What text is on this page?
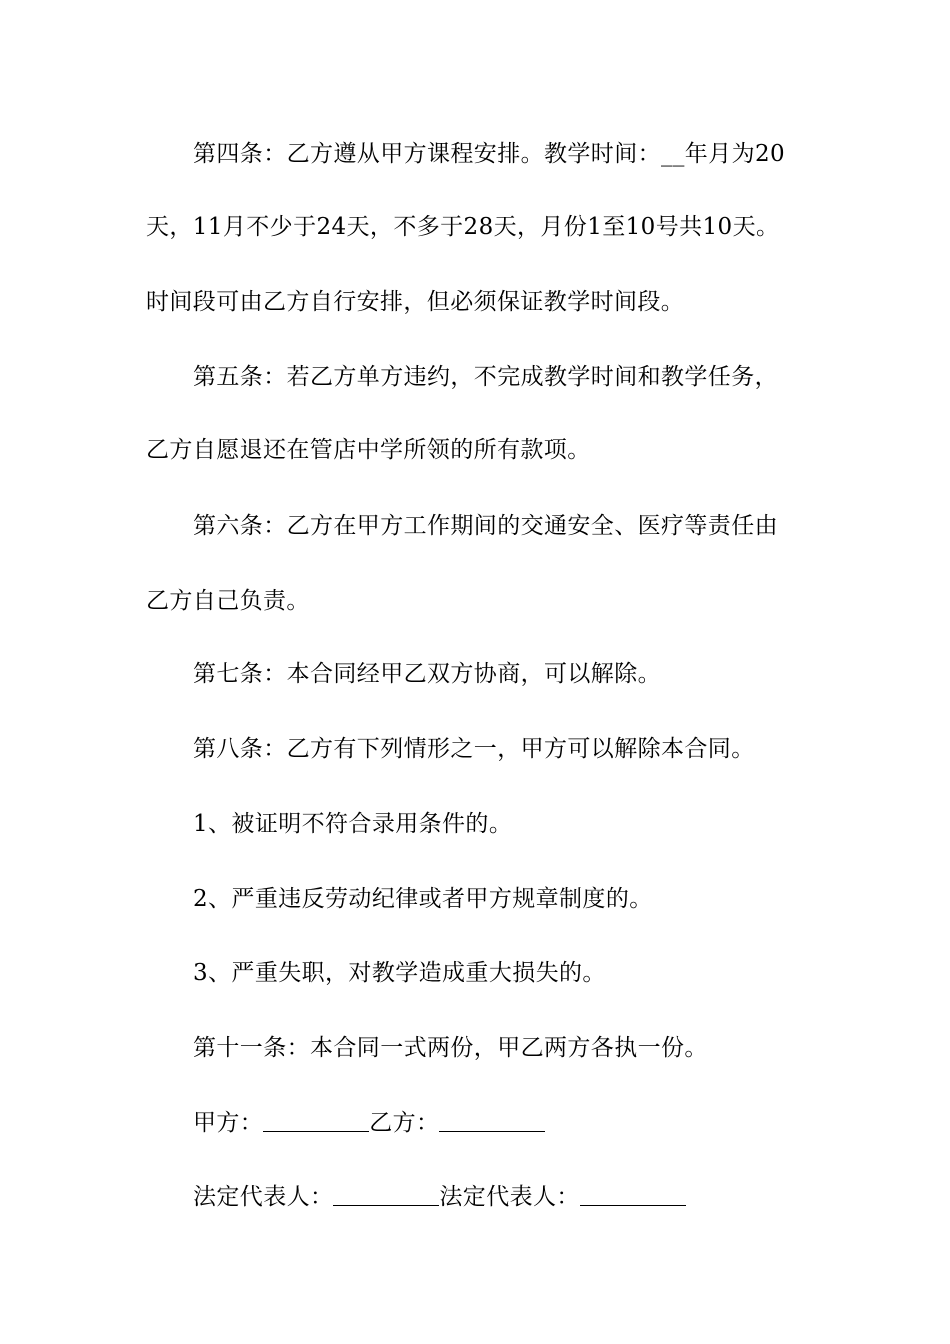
第四条：乙方遵从甲方课程安排。教学时间：__年月为20
天，11月不少于24天，不多于28天，月份1至10号共10天。
时间段可由乙方自行安排，但必须保证教学时间段。
第五条：若乙方单方违约，不完成教学时间和教学任务，
乙方自愿退还在管店中学所领的所有款项。
第六条：乙方在甲方工作期间的交通安全、医疗等责任由
乙方自己负责。
第七条：本合同经甲乙双方协商，可以解除。
第八条：乙方有下列情形之一，甲方可以解除本合同。
1、被证明不符合录用条件的。
2、严重违反劳动纪律或者甲方规章制度的。
3、严重失职，对教学造成重大损失的。
第十一条：本合同一式两份，甲乙两方各执一份。
甲方：	乙方：
法定代表人：	法定代表人：
